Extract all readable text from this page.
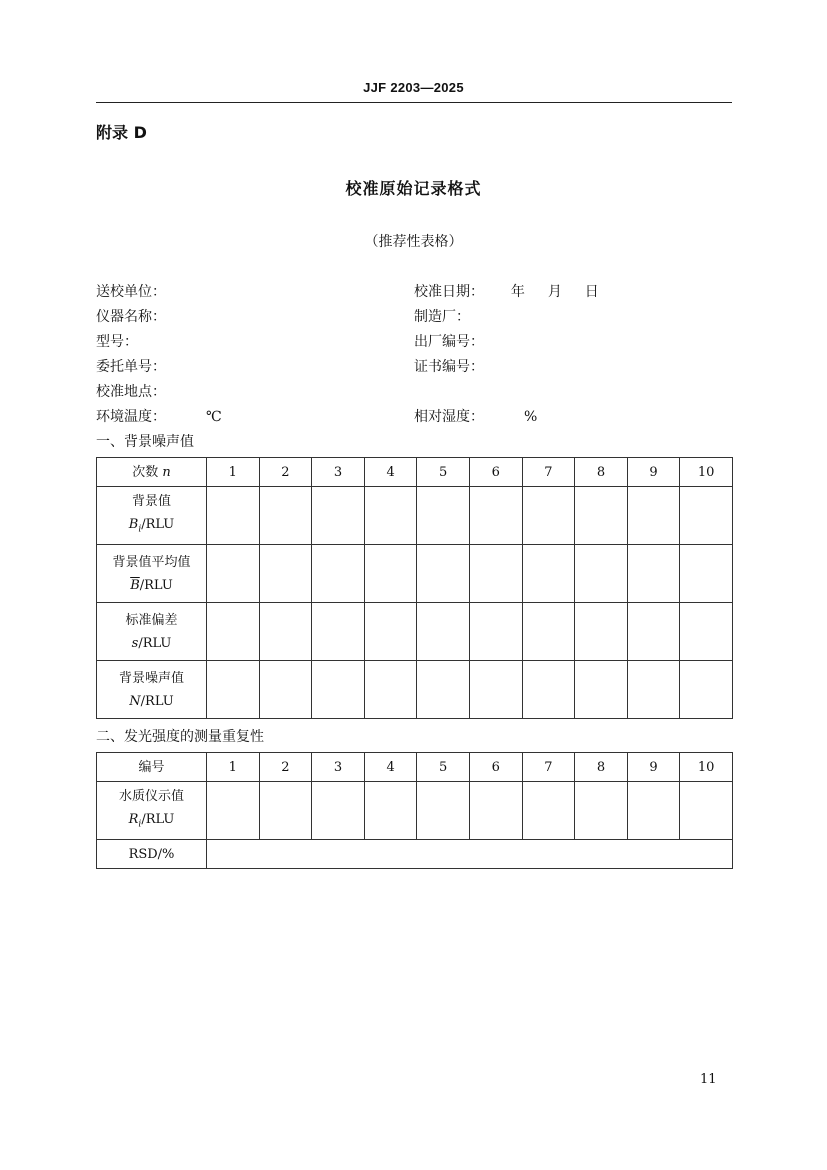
JJF 2203—2025
附录 D
校准原始记录格式
（推荐性表格）
送校单位：	校准日期： 年 月 日
仪器名称：	制造厂：
型号：	出厂编号：
委托单号：	证书编号：
校准地点：
环境温度：	℃	相对湿度：	%
一、背景噪声值
次数 n	1	2	3	4	5	6	7	8	9	10

背景值
$B_i$/RLU										

背景值平均值
$\overline{B}$/RLU										

标准偏差
s/RLU										

背景噪声值
N/RLU										

二、发光强度的测量重复性
编号	1	2	3	4	5	6	7	8	9	10

水质仪示值
$R_i$/RLU										

RSD/%										
11
